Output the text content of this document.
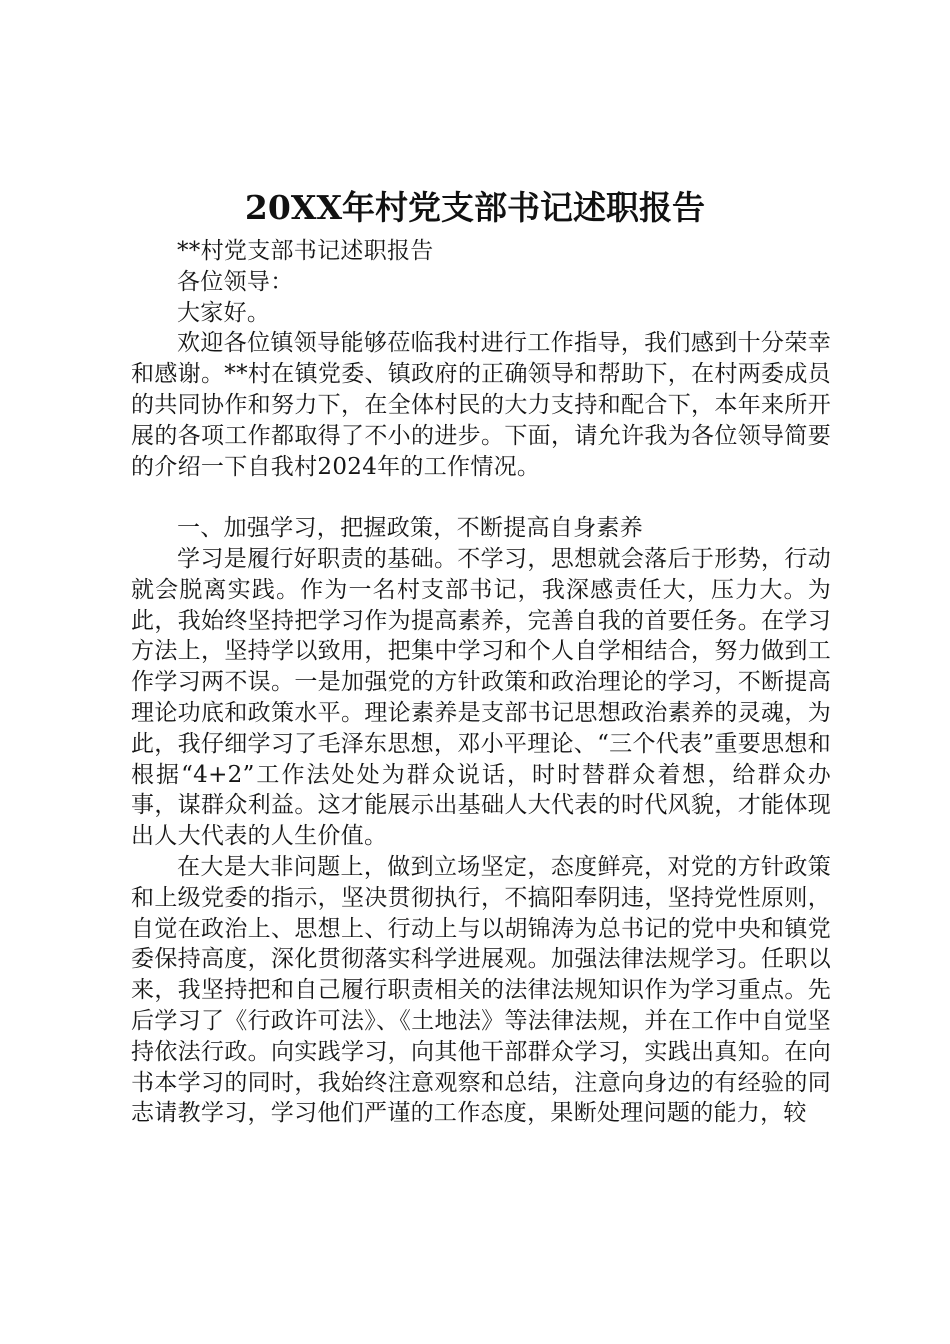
20XX年村党支部书记述职报告

**村党支部书记述职报告

各位领导：

大家好。

欢迎各位镇领导能够莅临我村进行工作指导，我们感到十分荣幸和感谢。**村在镇党委、镇政府的正确领导和帮助下，在村两委成员的共同协作和努力下，在全体村民的大力支持和配合下，本年来所开展的各项工作都取得了不小的进步。下面，请允许我为各位领导简要的介绍一下自我村2024年的工作情况。

一、加强学习，把握政策，不断提高自身素养

学习是履行好职责的基础。不学习，思想就会落后于形势，行动就会脱离实践。作为一名村支部书记，我深感责任大，压力大。为此，我始终坚持把学习作为提高素养，完善自我的首要任务。在学习方法上，坚持学以致用，把集中学习和个人自学相结合，努力做到工作学习两不误。一是加强党的方针政策和政治理论的学习，不断提高理论功底和政策水平。理论素养是支部书记思想政治素养的灵魂，为此，我仔细学习了毛泽东思想，邓小平理论、“三个代表”重要思想和根据“4+2”工作法处处为群众说话，时时替群众着想，给群众办事，谋群众利益。这才能展示出基础人大代表的时代风貌，才能体现出人大代表的人生价值。

在大是大非问题上，做到立场坚定，态度鲜亮，对党的方针政策和上级党委的指示，坚决贯彻执行，不搞阳奉阴违，坚持党性原则，自觉在政治上、思想上、行动上与以胡锦涛为总书记的党中央和镇党委保持高度，深化贯彻落实科学进展观。加强法律法规学习。任职以来，我坚持把和自己履行职责相关的法律法规知识作为学习重点。先后学习了《行政许可法》、《土地法》等法律法规，并在工作中自觉坚持依法行政。向实践学习，向其他干部群众学习，实践出真知。在向书本学习的同时，我始终注意观察和总结，注意向身边的有经验的同志请教学习，学习他们严谨的工作态度，果断处理问题的能力，较
